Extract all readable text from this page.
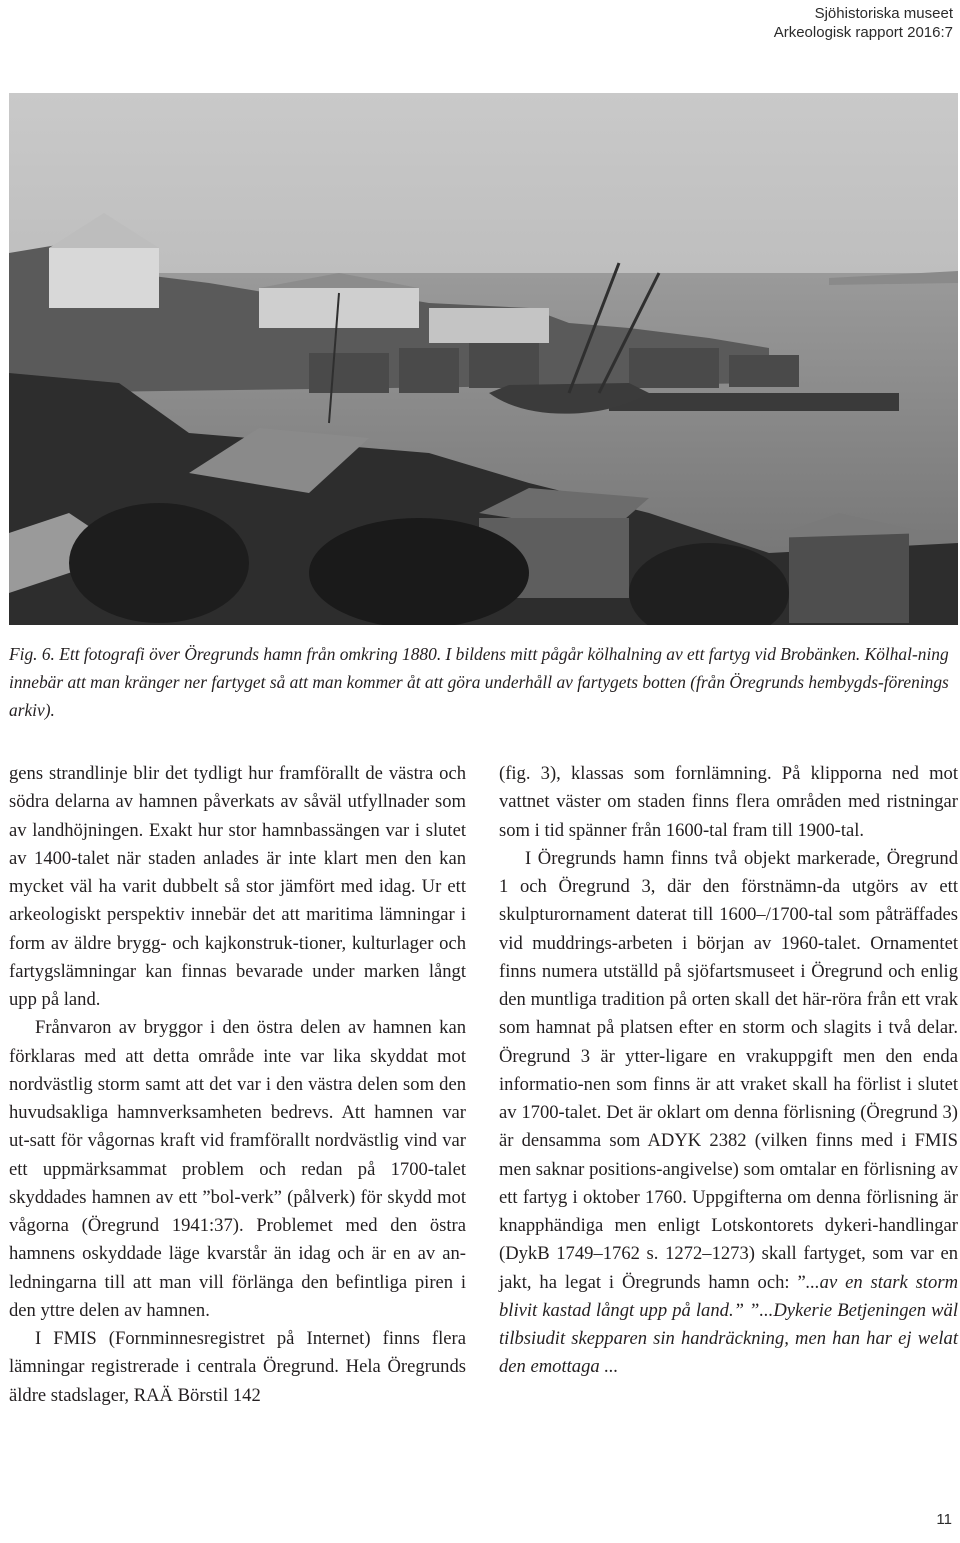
Sjöhistoriska museet
Arkeologisk rapport 2016:7
Fig. 6. Ett fotografi över Öregrunds hamn från omkring 1880. I bildens mitt pågår kölhalning av ett fartyg vid Brobänken. Kölhal-ning innebär att man kränger ner fartyget så att man kommer åt att göra underhåll av fartygets botten (från Öregrunds hembygds-förenings arkiv).

gens strandlinje blir det tydligt hur framförallt de västra och södra delarna av hamnen påverkats av såväl utfyllnader som av landhöjningen. Exakt hur stor hamnbassängen var i slutet av 1400-talet när staden anlades är inte klart men den kan mycket väl ha varit dubbelt så stor jämfört med idag. Ur ett arkeologiskt perspektiv innebär det att maritima lämningar i form av äldre brygg- och kajkonstruk-tioner, kulturlager och fartygslämningar kan finnas bevarade under marken långt upp på land.

Frånvaron av bryggor i den östra delen av hamnen kan förklaras med att detta område inte var lika skyddat mot nordvästlig storm samt att det var i den västra delen som den huvudsakliga hamnverksamheten bedrevs. Att hamnen var ut-satt för vågornas kraft vid framförallt nordvästlig vind var ett uppmärksammat problem och redan på 1700-talet skyddades hamnen av ett ”bol-verk” (pålverk) för skydd mot vågorna (Öregrund 1941:37). Problemet med den östra hamnens oskyddade läge kvarstår än idag och är en av an-ledningarna till att man vill förlänga den befintliga piren i den yttre delen av hamnen.

I FMIS (Fornminnesregistret på Internet) finns flera lämningar registrerade i centrala Öregrund. Hela Öregrunds äldre stadslager, RAÄ Börstil 142

(fig. 3), klassas som fornlämning. På klipporna ned mot vattnet väster om staden finns flera områden med ristningar som i tid spänner från 1600-tal fram till 1900-tal.

I Öregrunds hamn finns två objekt markerade, Öregrund 1 och Öregrund 3, där den förstnämn-da utgörs av ett skulpturornament daterat till 1600–/1700-tal som påträffades vid muddrings-arbeten i början av 1960-talet. Ornamentet finns numera utställd på sjöfartsmuseet i Öregrund och enlig den muntliga tradition på orten skall det här-röra från ett vrak som hamnat på platsen efter en storm och slagits i två delar. Öregrund 3 är ytter-ligare en vrakuppgift men den enda informatio-nen som finns är att vraket skall ha förlist i slutet av 1700-talet. Det är oklart om denna förlisning (Öregrund 3) är densamma som ADYK 2382 (vilken finns med i FMIS men saknar positions-angivelse) som omtalar en förlisning av ett fartyg i oktober 1760. Uppgifterna om denna förlisning är knapphändiga men enligt Lotskontorets dykeri-handlingar (DykB 1749–1762 s. 1272–1273) skall fartyget, som var en jakt, ha legat i Öregrunds hamn och: ”...av en stark storm blivit kastad långt upp på land.” ”...Dykerie Betjeningen wäl tilbsiudit skepparen sin handräckning, men han har ej welat den emottaga ...

11
